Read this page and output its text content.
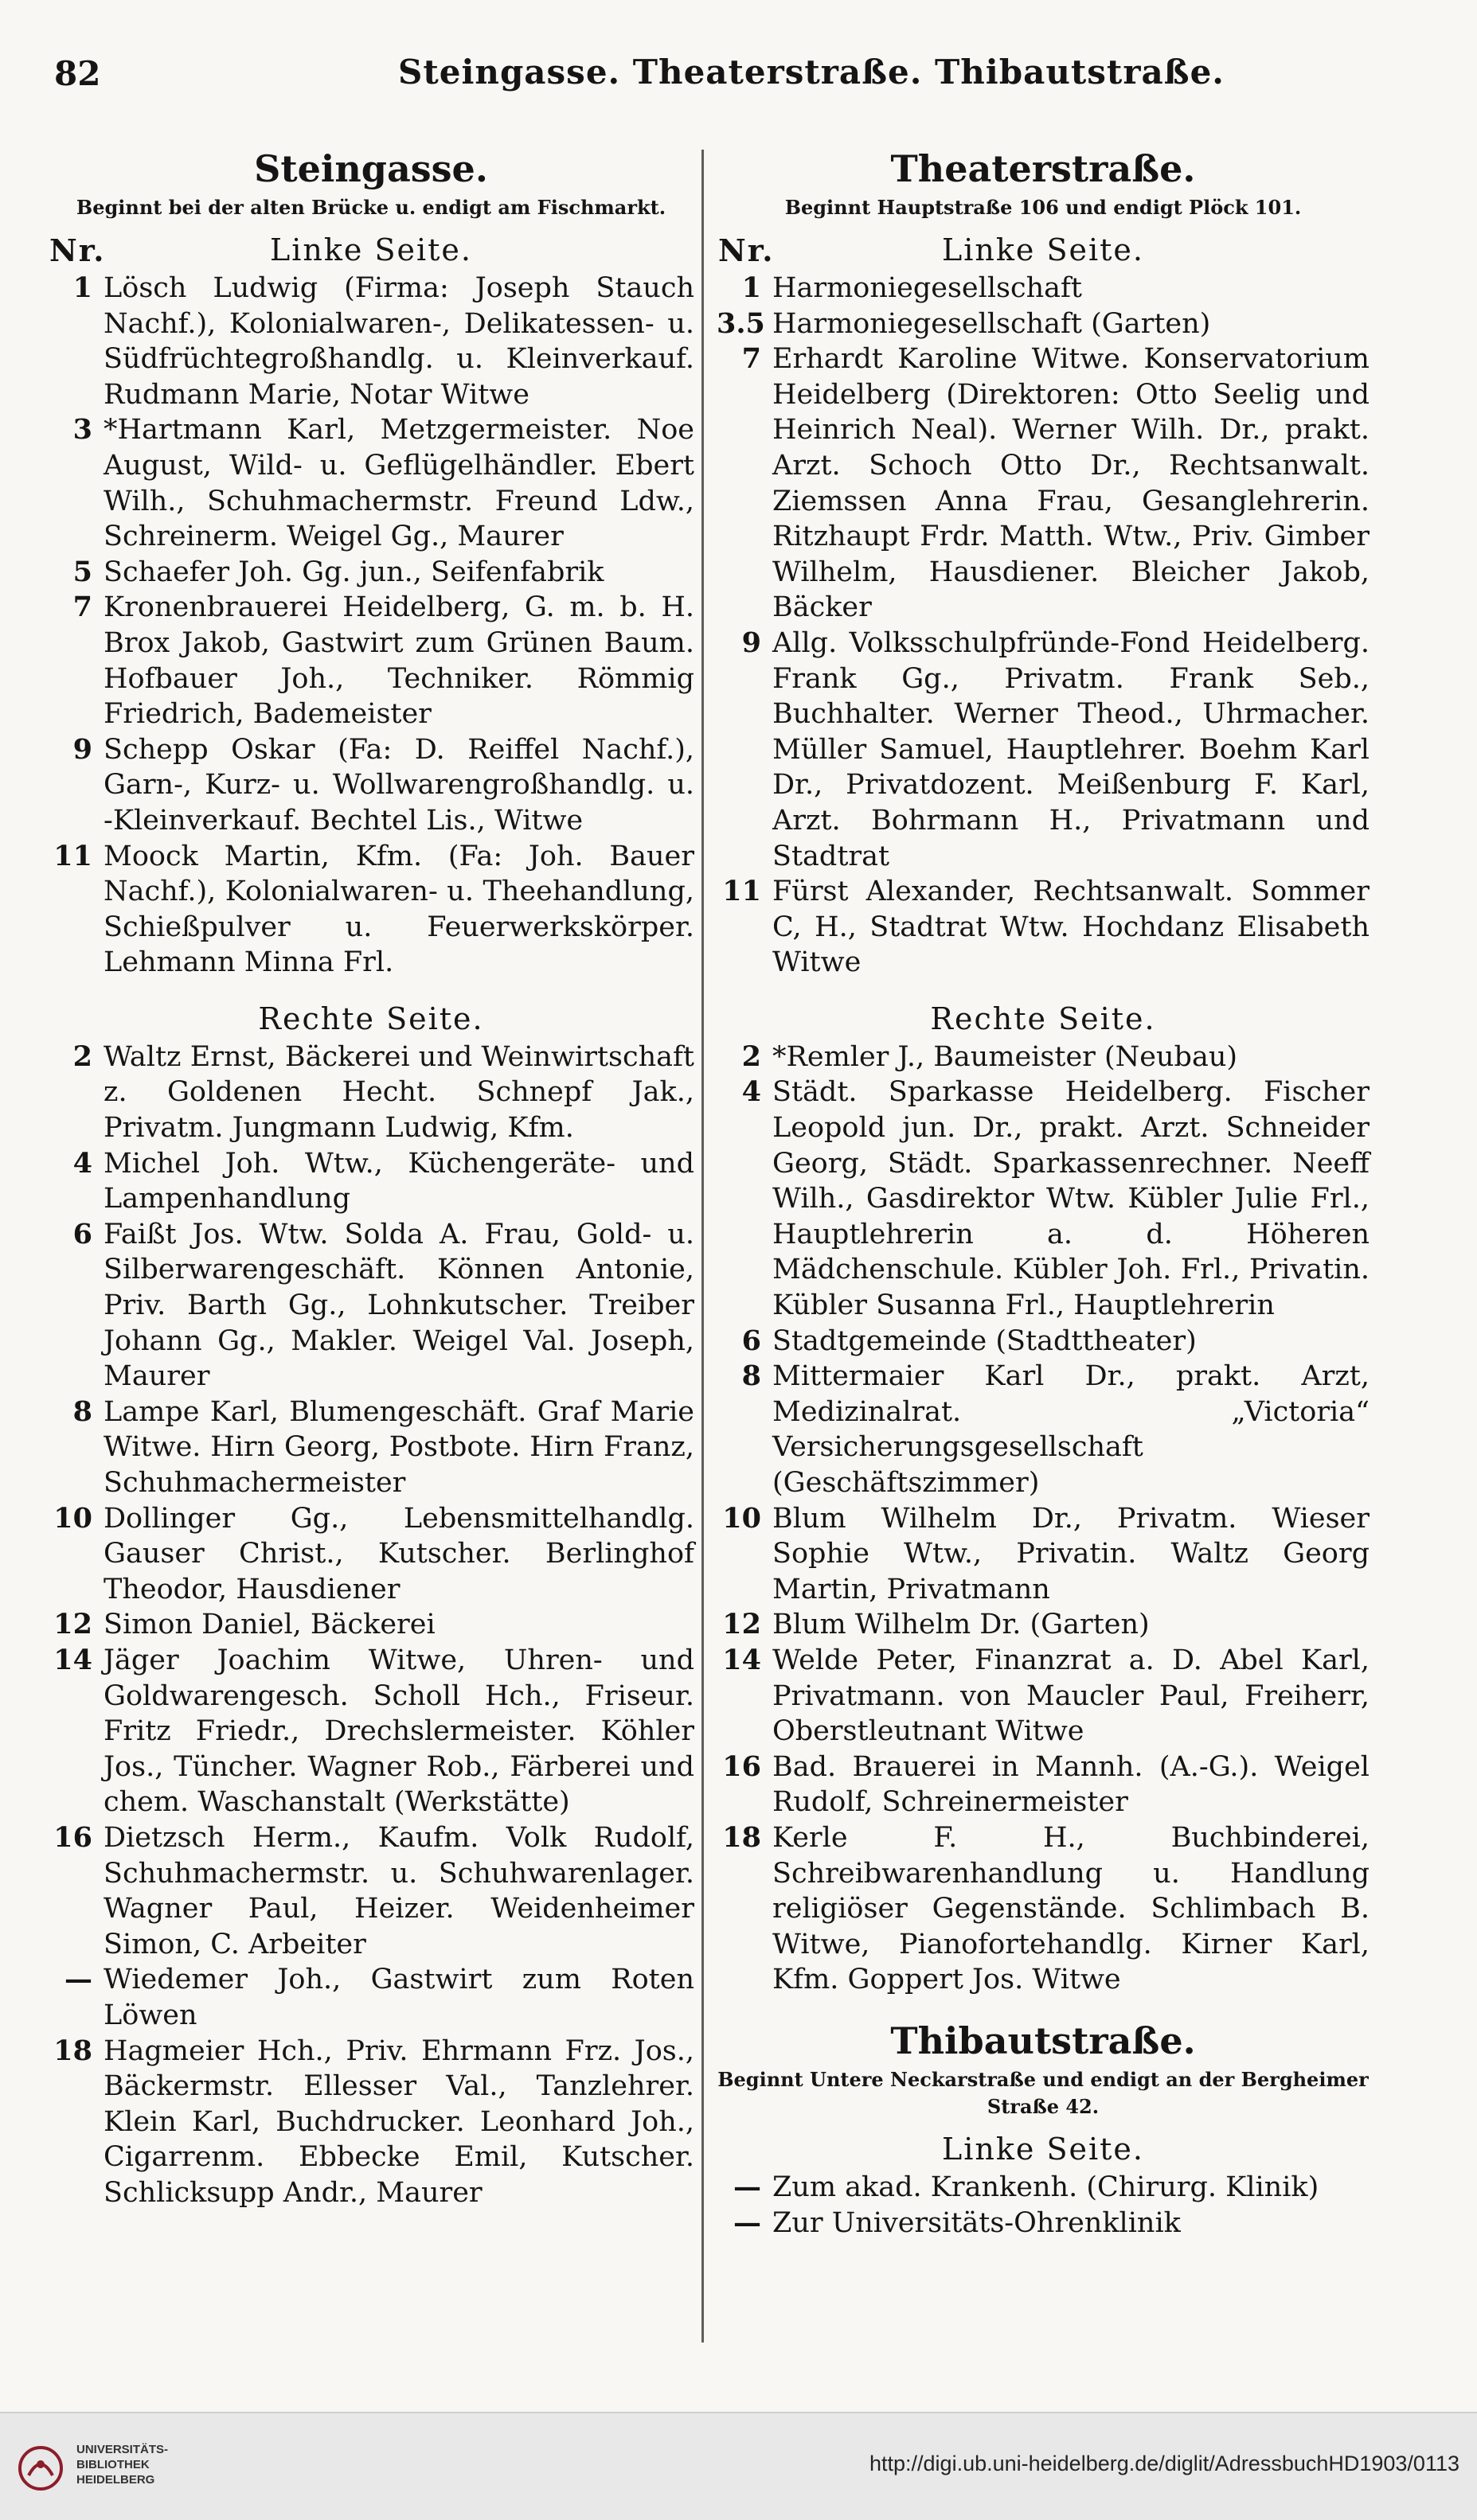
82	Steingasse. Theaterstraße. Thibautstraße.
Steingasse.

Beginnt bei der alten Brücke u. endigt am Fischmarkt.

Nr.	Linke Seite.
1 Lösch Ludwig (Firma: Joseph Stauch Nachf.), Kolonialwaren-, Delikatessen- u. Südfrüchtegroßhandlg. u. Kleinverkauf. Rudmann Marie, Notar Witwe
3 *Hartmann Karl, Metzgermeister. Noe August, Wild- u. Geflügelhändler. Ebert Wilh., Schuhmachermstr. Freund Ldw., Schreinerm. Weigel Gg., Maurer
5 Schaefer Joh. Gg. jun., Seifenfabrik
7 Kronenbrauerei Heidelberg, G. m. b. H. Brox Jakob, Gastwirt zum Grünen Baum. Hofbauer Joh., Techniker. Römmig Friedrich, Bademeister
9 Schepp Oskar (Fa: D. Reiffel Nachf.), Garn-, Kurz- u. Wollwarengroßhandlg. u. -Kleinverkauf. Bechtel Lis., Witwe
11 Moock Martin, Kfm. (Fa: Joh. Bauer Nachf.), Kolonialwaren- u. Theehandlung, Schießpulver u. Feuerwerkskörper. Lehmann Minna Frl.
Rechte Seite.
2 Waltz Ernst, Bäckerei und Weinwirtschaft z. Goldenen Hecht. Schnepf Jak., Privatm. Jungmann Ludwig, Kfm.
4 Michel Joh. Wtw., Küchengeräte- und Lampenhandlung
6 Faißt Jos. Wtw. Solda A. Frau, Gold- u. Silberwarengeschäft. Können Antonie, Priv. Barth Gg., Lohnkutscher. Treiber Johann Gg., Makler. Weigel Val. Joseph, Maurer
8 Lampe Karl, Blumengeschäft. Graf Marie Witwe. Hirn Georg, Postbote. Hirn Franz, Schuhmachermeister
10 Dollinger Gg., Lebensmittelhandlg. Gauser Christ., Kutscher. Berlinghof Theodor, Hausdiener
12 Simon Daniel, Bäckerei
14 Jäger Joachim Witwe, Uhren- und Goldwarengesch. Scholl Hch., Friseur. Fritz Friedr., Drechslermeister. Köhler Jos., Tüncher. Wagner Rob., Färberei und chem. Waschanstalt (Werkstätte)
16 Dietzsch Herm., Kaufm. Volk Rudolf, Schuhmachermstr. u. Schuhwarenlager. Wagner Paul, Heizer. Weidenheimer Simon, C. Arbeiter
— Wiedemer Joh., Gastwirt zum Roten Löwen
18 Hagmeier Hch., Priv. Ehrmann Frz. Jos., Bäckermstr. Ellesser Val., Tanzlehrer. Klein Karl, Buchdrucker. Leonhard Joh., Cigarrenm. Ebbecke Emil, Kutscher. Schlicksupp Andr., Maurer
Theaterstraße.

Beginnt Hauptstraße 106 und endigt Plöck 101.

Nr.	Linke Seite.
1 Harmoniegesellschaft
3.5 Harmoniegesellschaft (Garten)
7 Erhardt Karoline Witwe. Konservatorium Heidelberg (Direktoren: Otto Seelig und Heinrich Neal). Werner Wilh. Dr., prakt. Arzt. Schoch Otto Dr., Rechtsanwalt. Ziemssen Anna Frau, Gesanglehrerin. Ritzhaupt Frdr. Matth. Wtw., Priv. Gimber Wilhelm, Hausdiener. Bleicher Jakob, Bäcker
9 Allg. Volksschulpfründe-Fond Heidelberg. Frank Gg., Privatm. Frank Seb., Buchhalter. Werner Theod., Uhrmacher. Müller Samuel, Hauptlehrer. Boehm Karl Dr., Privatdozent. Meißenburg F. Karl, Arzt. Bohrmann H., Privatmann und Stadtrat
11 Fürst Alexander, Rechtsanwalt. Sommer C, H., Stadtrat Wtw. Hochdanz Elisabeth Witwe
Rechte Seite.
2 *Remler J., Baumeister (Neubau)
4 Städt. Sparkasse Heidelberg. Fischer Leopold jun. Dr., prakt. Arzt. Schneider Georg, Städt. Sparkassenrechner. Neeff Wilh., Gasdirektor Wtw. Kübler Julie Frl., Hauptlehrerin a. d. Höheren Mädchenschule. Kübler Joh. Frl., Privatin. Kübler Susanna Frl., Hauptlehrerin
6 Stadtgemeinde (Stadttheater)
8 Mittermaier Karl Dr., prakt. Arzt, Medizinalrat. „Victoria“ Versicherungsgesellschaft (Geschäftszimmer)
10 Blum Wilhelm Dr., Privatm. Wieser Sophie Wtw., Privatin. Waltz Georg Martin, Privatmann
12 Blum Wilhelm Dr. (Garten)
14 Welde Peter, Finanzrat a. D. Abel Karl, Privatmann. von Maucler Paul, Freiherr, Oberstleutnant Witwe
16 Bad. Brauerei in Mannh. (A.-G.). Weigel Rudolf, Schreinermeister
18 Kerle F. H., Buchbinderei, Schreibwarenhandlung u. Handlung religiöser Gegenstände. Schlimbach B. Witwe, Pianofortehandlg. Kirner Karl, Kfm. Goppert Jos. Witwe
Thibautstraße.

Beginnt Untere Neckarstraße und endigt an der Bergheimer Straße 42.

Linke Seite.
— Zum akad. Krankenh. (Chirurg. Klinik)
— Zur Universitäts-Ohrenklinik
UNIVERSITÄTS-
BIBLIOTHEK
HEIDELBERG
http://digi.ub.uni-heidelberg.de/diglit/AdressbuchHD1903/0113
